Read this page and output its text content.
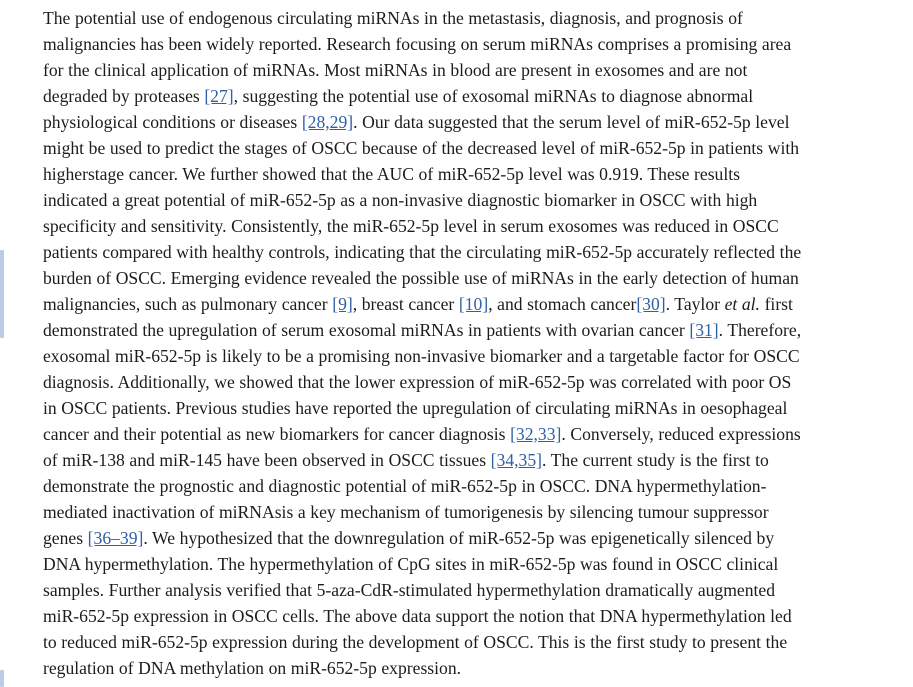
The potential use of endogenous circulating miRNAs in the metastasis, diagnosis, and prognosis of
malignancies has been widely reported. Research focusing on serum miRNAs comprises a promising area
for the clinical application of miRNAs. Most miRNAs in blood are present in exosomes and are not
degraded by proteases [27], suggesting the potential use of exosomal miRNAs to diagnose abnormal
physiological conditions or diseases [28,29]. Our data suggested that the serum level of miR-652-5p level
might be used to predict the stages of OSCC because of the decreased level of miR-652-5p in patients with
higherstage cancer. We further showed that the AUC of miR-652-5p level was 0.919. These results
indicated a great potential of miR-652-5p as a non-invasive diagnostic biomarker in OSCC with high
specificity and sensitivity. Consistently, the miR-652-5p level in serum exosomes was reduced in OSCC
patients compared with healthy controls, indicating that the circulating miR-652-5p accurately reflected the
burden of OSCC. Emerging evidence revealed the possible use of miRNAs in the early detection of human
malignancies, such as pulmonary cancer [9], breast cancer [10], and stomach cancer[30]. Taylor et al. first
demonstrated the upregulation of serum exosomal miRNAs in patients with ovarian cancer [31]. Therefore,
exosomal miR-652-5p is likely to be a promising non-invasive biomarker and a targetable factor for OSCC
diagnosis. Additionally, we showed that the lower expression of miR-652-5p was correlated with poor OS
in OSCC patients. Previous studies have reported the upregulation of circulating miRNAs in oesophageal
cancer and their potential as new biomarkers for cancer diagnosis [32,33]. Conversely, reduced expressions
of miR-138 and miR-145 have been observed in OSCC tissues [34,35]. The current study is the first to
demonstrate the prognostic and diagnostic potential of miR-652-5p in OSCC. DNA hypermethylation-
mediated inactivation of miRNAsis a key mechanism of tumorigenesis by silencing tumour suppressor
genes [36–39]. We hypothesized that the downregulation of miR-652-5p was epigenetically silenced by
DNA hypermethylation. The hypermethylation of CpG sites in miR-652-5p was found in OSCC clinical
samples. Further analysis verified that 5-aza-CdR-stimulated hypermethylation dramatically augmented
miR-652-5p expression in OSCC cells. The above data support the notion that DNA hypermethylation led
to reduced miR-652-5p expression during the development of OSCC. This is the first study to present the
regulation of DNA methylation on miR-652-5p expression.
